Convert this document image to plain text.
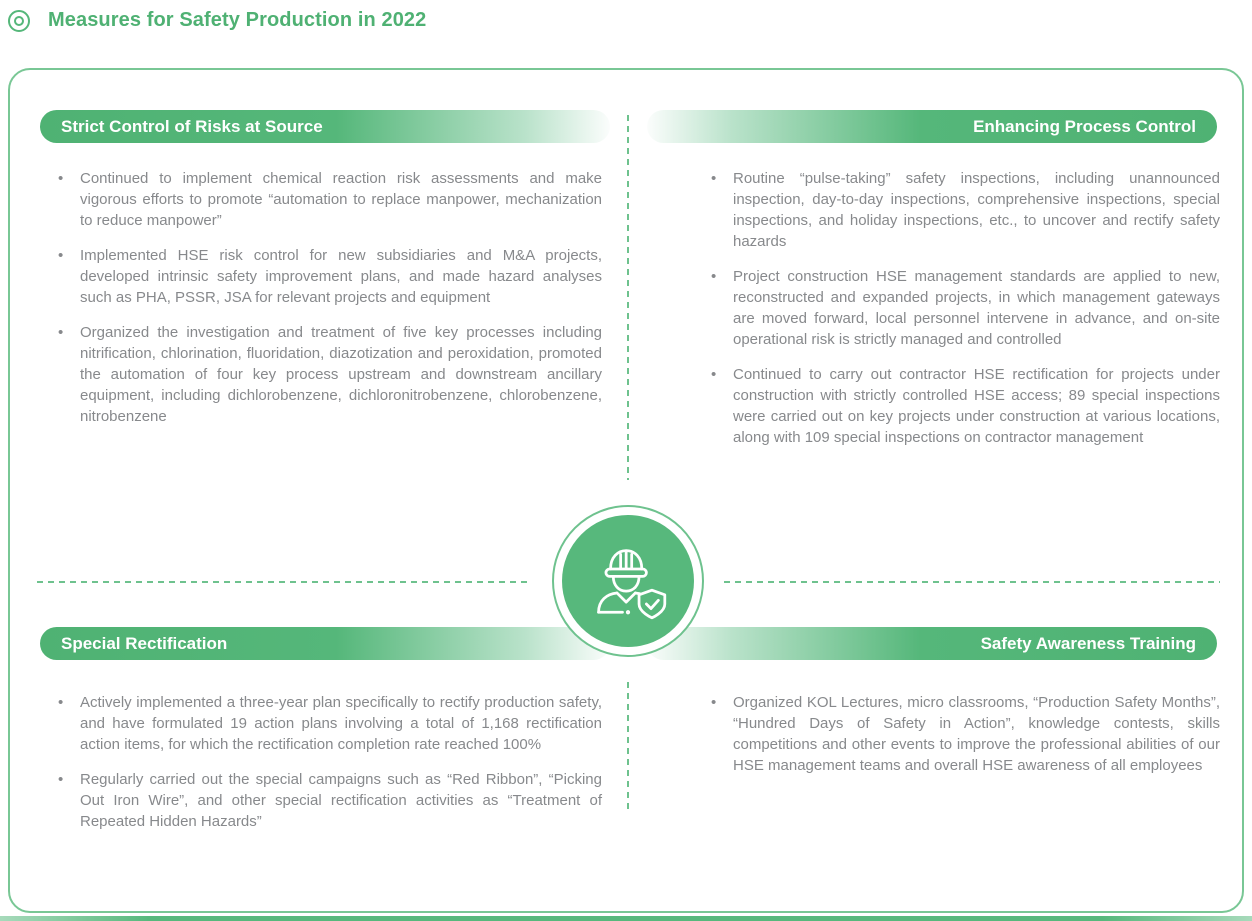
Measures for Safety Production in 2022
Strict Control of Risks at Source	Enhancing Process Control
Special Rectification	Safety Awareness Training
• Continued to implement chemical reaction risk assessments and make vigorous efforts to promote “automation to replace manpower, mechanization to reduce manpower”
• Implemented HSE risk control for new subsidiaries and M&A projects, developed intrinsic safety improvement plans, and made hazard analyses such as PHA, PSSR, JSA for relevant projects and equipment
• Organized the investigation and treatment of five key processes including nitrification, chlorination, fluoridation, diazotization and peroxidation, promoted the automation of four key process upstream and downstream ancillary equipment, including dichlorobenzene, dichloronitrobenzene, chlorobenzene, nitrobenzene
• Routine “pulse-taking” safety inspections, including unannounced inspection, day-to-day inspections, comprehensive inspections, special inspections, and holiday inspections, etc., to uncover and rectify safety hazards
• Project construction HSE management standards are applied to new, reconstructed and expanded projects, in which management gateways are moved forward, local personnel intervene in advance, and on-site operational risk is strictly managed and controlled
• Continued to carry out contractor HSE rectification for projects under construction with strictly controlled HSE access; 89 special inspections were carried out on key projects under construction at various locations, along with 109 special inspections on contractor management
• Actively implemented a three-year plan specifically to rectify production safety, and have formulated 19 action plans involving a total of 1,168 rectification action items, for which the rectification completion rate reached 100%
• Regularly carried out the special campaigns such as “Red Ribbon”, “Picking Out Iron Wire”, and other special rectification activities as “Treatment of Repeated Hidden Hazards”
• Organized KOL Lectures, micro classrooms, “Production Safety Months”, “Hundred Days of Safety in Action”, knowledge contests, skills competitions and other events to improve the professional abilities of our HSE management teams and overall HSE awareness of all employees
